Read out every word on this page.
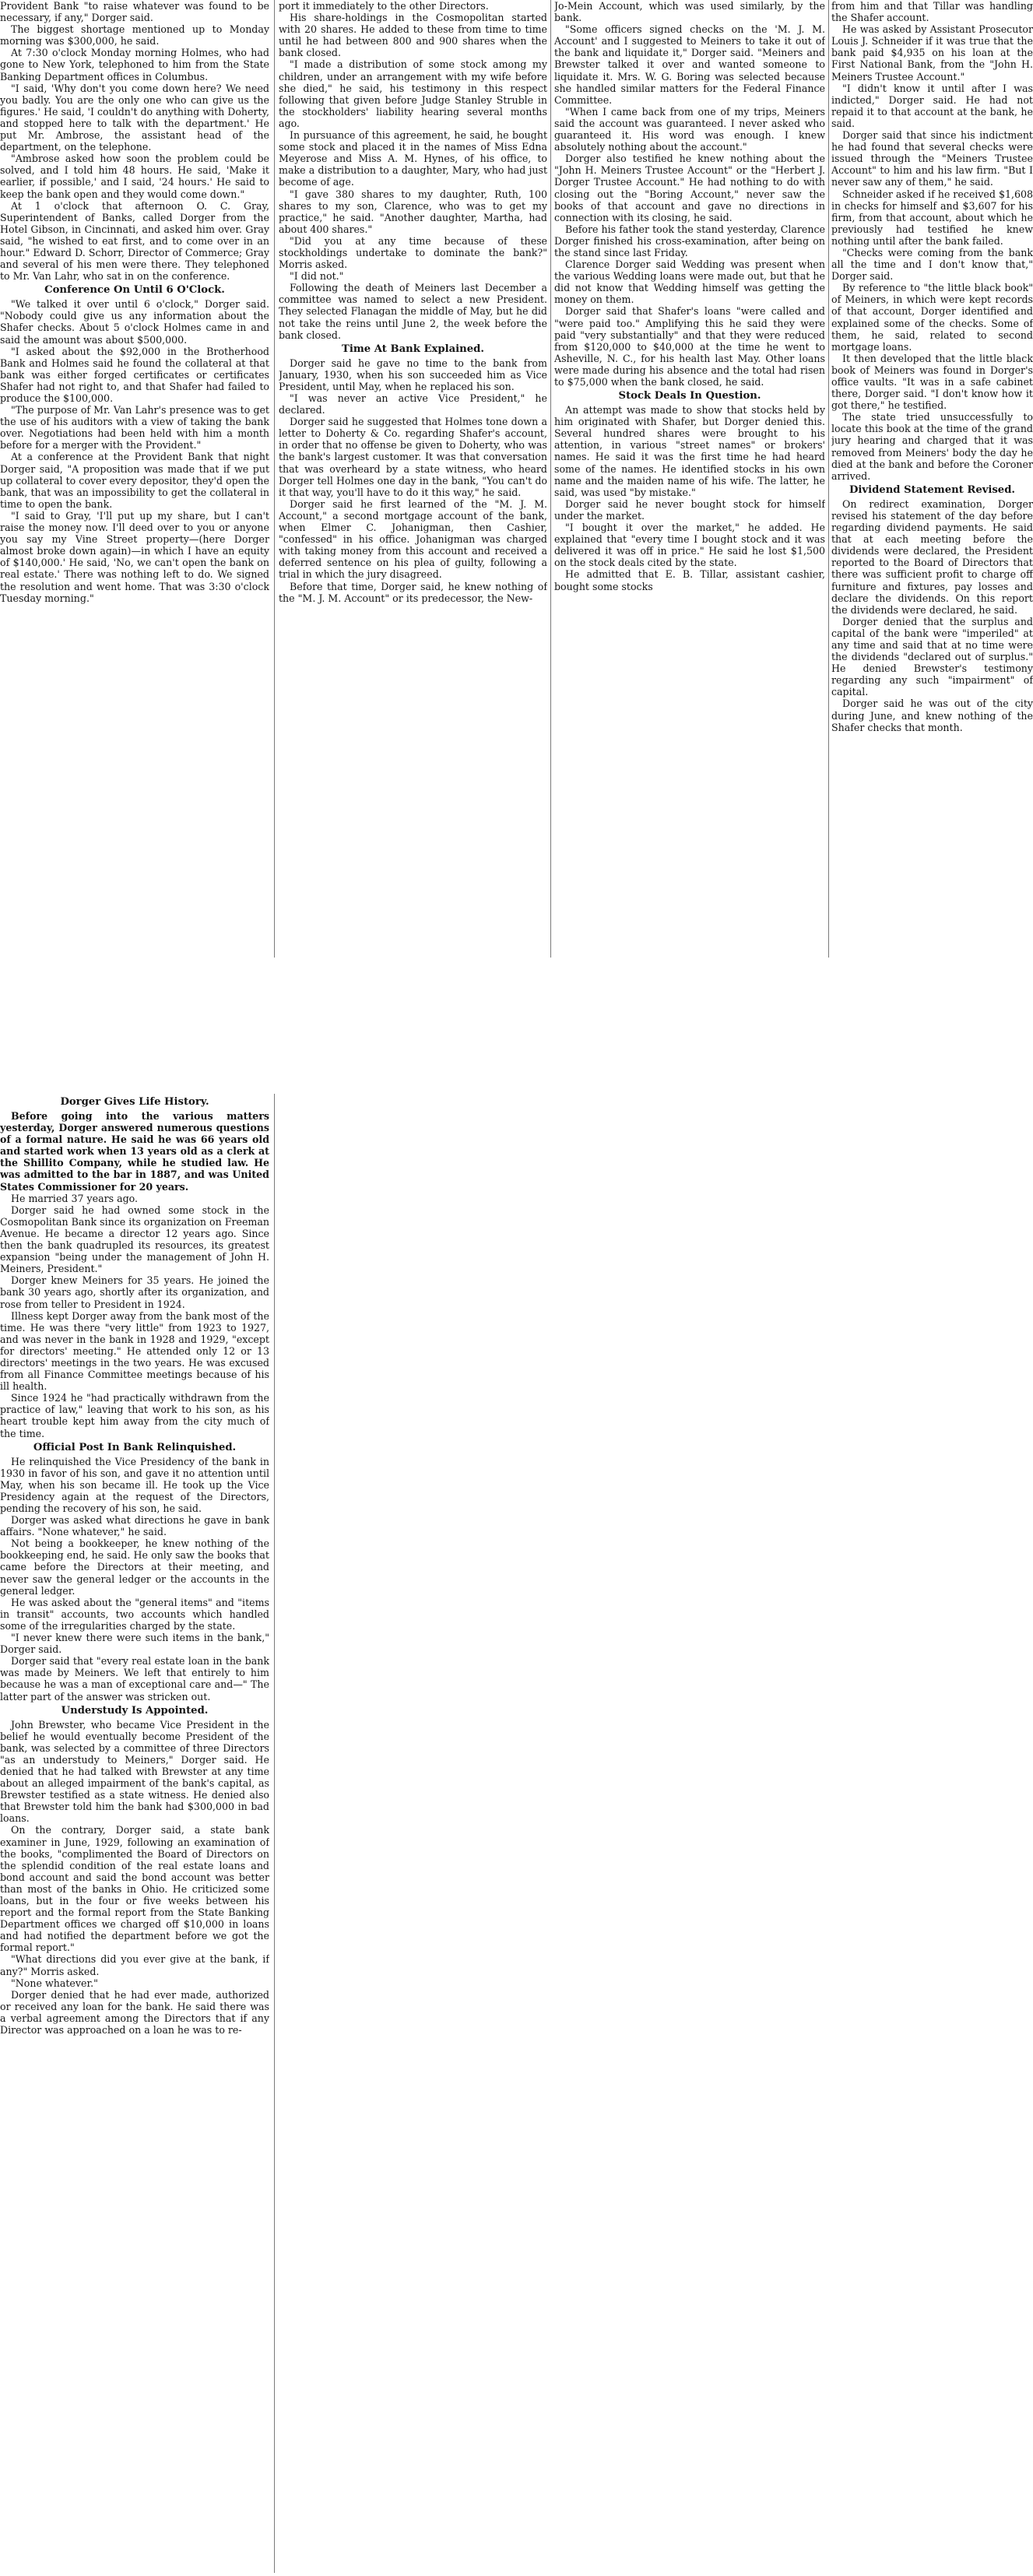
Provident Bank "to raise whatever was found to be necessary, if any," Dorger said.

The biggest shortage mentioned up to Monday morning was $300,000, he said.

At 7:30 o'clock Monday morning Holmes, who had gone to New York, telephoned to him from the State Banking Department offices in Columbus.

"I said, 'Why don't you come down here? We need you badly. You are the only one who can give us the figures.' He said, 'I couldn't do anything with Doherty, and stopped here to talk with the department.' He put Mr. Ambrose, the assistant head of the department, on the telephone.

"Ambrose asked how soon the problem could be solved, and I told him 48 hours. He said, 'Make it earlier, if possible,' and I said, '24 hours.' He said to keep the bank open and they would come down."

At 1 o'clock that afternoon O. C. Gray, Superintendent of Banks, called Dorger from the Hotel Gibson, in Cincinnati, and asked him over. Gray said, "he wished to eat first, and to come over in an hour." Edward D. Schorr, Director of Commerce; Gray and several of his men were there. They telephoned to Mr. Van Lahr, who sat in on the conference.

Conference On Until 6 O'Clock.

"We talked it over until 6 o'clock," Dorger said. "Nobody could give us any information about the Shafer checks. About 5 o'clock Holmes came in and said the amount was about $500,000.

"I asked about the $92,000 in the Brotherhood Bank and Holmes said he found the collateral at that bank was either forged certificates or certificates Shafer had not right to, and that Shafer had failed to produce the $100,000.

"The purpose of Mr. Van Lahr's presence was to get the use of his auditors with a view of taking the bank over. Negotiations had been held with him a month before for a merger with the Provident."

At a conference at the Provident Bank that night Dorger said, "A proposition was made that if we put up collateral to cover every depositor, they'd open the bank, that was an impossibility to get the collateral in time to open the bank.

"I said to Gray, 'I'll put up my share, but I can't raise the money now. I'll deed over to you or anyone you say my Vine Street property—(here Dorger almost broke down again)—in which I have an equity of $140,000.' He said, 'No, we can't open the bank on real estate.' There was nothing left to do. We signed the resolution and went home. That was 3:30 o'clock Tuesday morning."

port it immediately to the other Directors.

His share-holdings in the Cosmopolitan started with 20 shares. He added to these from time to time until he had between 800 and 900 shares when the bank closed.

"I made a distribution of some stock among my children, under an arrangement with my wife before she died," he said, his testimony in this respect following that given before Judge Stanley Struble in the stockholders' liability hearing several months ago.

In pursuance of this agreement, he said, he bought some stock and placed it in the names of Miss Edna Meyerose and Miss A. M. Hynes, of his office, to make a distribution to a daughter, Mary, who had just become of age.

"I gave 380 shares to my daughter, Ruth, 100 shares to my son, Clarence, who was to get my practice," he said. "Another daughter, Martha, had about 400 shares."

"Did you at any time because of these stockholdings undertake to dominate the bank?" Morris asked.

"I did not."

Following the death of Meiners last December a committee was named to select a new President. They selected Flanagan the middle of May, but he did not take the reins until June 2, the week before the bank closed.

Time At Bank Explained.

Dorger said he gave no time to the bank from January, 1930, when his son succeeded him as Vice President, until May, when he replaced his son.

"I was never an active Vice President," he declared.

Dorger said he suggested that Holmes tone down a letter to Doherty & Co. regarding Shafer's account, in order that no offense be given to Doherty, who was the bank's largest customer. It was that conversation that was overheard by a state witness, who heard Dorger tell Holmes one day in the bank, "You can't do it that way, you'll have to do it this way," he said.

Dorger said he first learned of the "M. J. M. Account," a second mortgage account of the bank, when Elmer C. Johanigman, then Cashier, "confessed" in his office. Johanigman was charged with taking money from this account and received a deferred sentence on his plea of guilty, following a trial in which the jury disagreed.

Before that time, Dorger said, he knew nothing of the "M. J. M. Account" or its predecessor, the New-

Jo-Mein Account, which was used similarly, by the bank.

"Some officers signed checks on the 'M. J. M. Account' and I suggested to Meiners to take it out of the bank and liquidate it," Dorger said. "Meiners and Brewster talked it over and wanted someone to liquidate it. Mrs. W. G. Boring was selected because she handled similar matters for the Federal Finance Committee.

"When I came back from one of my trips, Meiners said the account was guaranteed. I never asked who guaranteed it. His word was enough. I knew absolutely nothing about the account."

Dorger also testified he knew nothing about the "John H. Meiners Trustee Account" or the "Herbert J. Dorger Trustee Account." He had nothing to do with closing out the "Boring Account," never saw the books of that account and gave no directions in connection with its closing, he said.

Before his father took the stand yesterday, Clarence Dorger finished his cross-examination, after being on the stand since last Friday.

Clarence Dorger said Wedding was present when the various Wedding loans were made out, but that he did not know that Wedding himself was getting the money on them.

Dorger said that Shafer's loans "were called and "were paid too." Amplifying this he said they were paid "very substantially" and that they were reduced from $120,000 to $40,000 at the time he went to Asheville, N. C., for his health last May. Other loans were made during his absence and the total had risen to $75,000 when the bank closed, he said.

Stock Deals In Question.

An attempt was made to show that stocks held by him originated with Shafer, but Dorger denied this. Several hundred shares were brought to his attention, in various "street names" or brokers' names. He said it was the first time he had heard some of the names. He identified stocks in his own name and the maiden name of his wife. The latter, he said, was used "by mistake."

Dorger said he never bought stock for himself under the market.

"I bought it over the market," he added. He explained that "every time I bought stock and it was delivered it was off in price." He said he lost $1,500 on the stock deals cited by the state.

He admitted that E. B. Tillar, assistant cashier, bought some stocks

from him and that Tillar was handling the Shafer account.

He was asked by Assistant Prosecutor Louis J. Schneider if it was true that the bank paid $4,935 on his loan at the First National Bank, from the "John H. Meiners Trustee Account."

"I didn't know it until after I was indicted," Dorger said. He had not repaid it to that account at the bank, he said.

Dorger said that since his indictment he had found that several checks were issued through the "Meiners Trustee Account" to him and his law firm. "But I never saw any of them," he said.

Schneider asked if he received $1,608 in checks for himself and $3,607 for his firm, from that account, about which he previously had testified he knew nothing until after the bank failed.

"Checks were coming from the bank all the time and I don't know that," Dorger said.

By reference to "the little black book" of Meiners, in which were kept records of that account, Dorger identified and explained some of the checks. Some of them, he said, related to second mortgage loans.

It then developed that the little black book of Meiners was found in Dorger's office vaults. "It was in a safe cabinet there, Dorger said. "I don't know how it got there," he testified.

The state tried unsuccessfully to locate this book at the time of the grand jury hearing and charged that it was removed from Meiners' body the day he died at the bank and before the Coroner arrived.

Dividend Statement Revised.

On redirect examination, Dorger revised his statement of the day before regarding dividend payments. He said that at each meeting before the dividends were declared, the President reported to the Board of Directors that there was sufficient profit to charge off furniture and fixtures, pay losses and declare the dividends. On this report the dividends were declared, he said.

Dorger denied that the surplus and capital of the bank were "imperiled" at any time and said that at no time were the dividends "declared out of surplus." He denied Brewster's testimony regarding any such "impairment" of capital.

Dorger said he was out of the city during June, and knew nothing of the Shafer checks that month.

Dorger Gives Life History.

Before going into the various matters yesterday, Dorger answered numerous questions of a formal nature. He said he was 66 years old and started work when 13 years old as a clerk at the Shillito Company, while he studied law. He was admitted to the bar in 1887, and was United States Commissioner for 20 years.

He married 37 years ago.

Dorger said he had owned some stock in the Cosmopolitan Bank since its organization on Freeman Avenue. He became a director 12 years ago. Since then the bank quadrupled its resources, its greatest expansion "being under the management of John H. Meiners, President."

Dorger knew Meiners for 35 years. He joined the bank 30 years ago, shortly after its organization, and rose from teller to President in 1924.

Illness kept Dorger away from the bank most of the time. He was there "very little" from 1923 to 1927, and was never in the bank in 1928 and 1929, "except for directors' meeting." He attended only 12 or 13 directors' meetings in the two years. He was excused from all Finance Committee meetings because of his ill health.

Since 1924 he "had practically withdrawn from the practice of law," leaving that work to his son, as his heart trouble kept him away from the city much of the time.

Official Post In Bank Relinquished.

He relinquished the Vice Presidency of the bank in 1930 in favor of his son, and gave it no attention until May, when his son became ill. He took up the Vice Presidency again at the request of the Directors, pending the recovery of his son, he said.

Dorger was asked what directions he gave in bank affairs. "None whatever," he said.

Not being a bookkeeper, he knew nothing of the bookkeeping end, he said. He only saw the books that came before the Directors at their meeting, and never saw the general ledger or the accounts in the general ledger.

He was asked about the "general items" and "items in transit" accounts, two accounts which handled some of the irregularities charged by the state.

"I never knew there were such items in the bank," Dorger said.

Dorger said that "every real estate loan in the bank was made by Meiners. We left that entirely to him because he was a man of exceptional care and—" The latter part of the answer was stricken out.

Understudy Is Appointed.

John Brewster, who became Vice President in the belief he would eventually become President of the bank, was selected by a committee of three Directors "as an understudy to Meiners," Dorger said. He denied that he had talked with Brewster at any time about an alleged impairment of the bank's capital, as Brewster testified as a state witness. He denied also that Brewster told him the bank had $300,000 in bad loans.

On the contrary, Dorger said, a state bank examiner in June, 1929, following an examination of the books, "complimented the Board of Directors on the splendid condition of the real estate loans and bond account and said the bond account was better than most of the banks in Ohio. He criticized some loans, but in the four or five weeks between his report and the formal report from the State Banking Department offices we charged off $10,000 in loans and had notified the department before we got the formal report."

"What directions did you ever give at the bank, if any?" Morris asked.

"None whatever."

Dorger denied that he had ever made, authorized or received any loan for the bank. He said there was a verbal agreement among the Directors that if any Director was approached on a loan he was to re-
